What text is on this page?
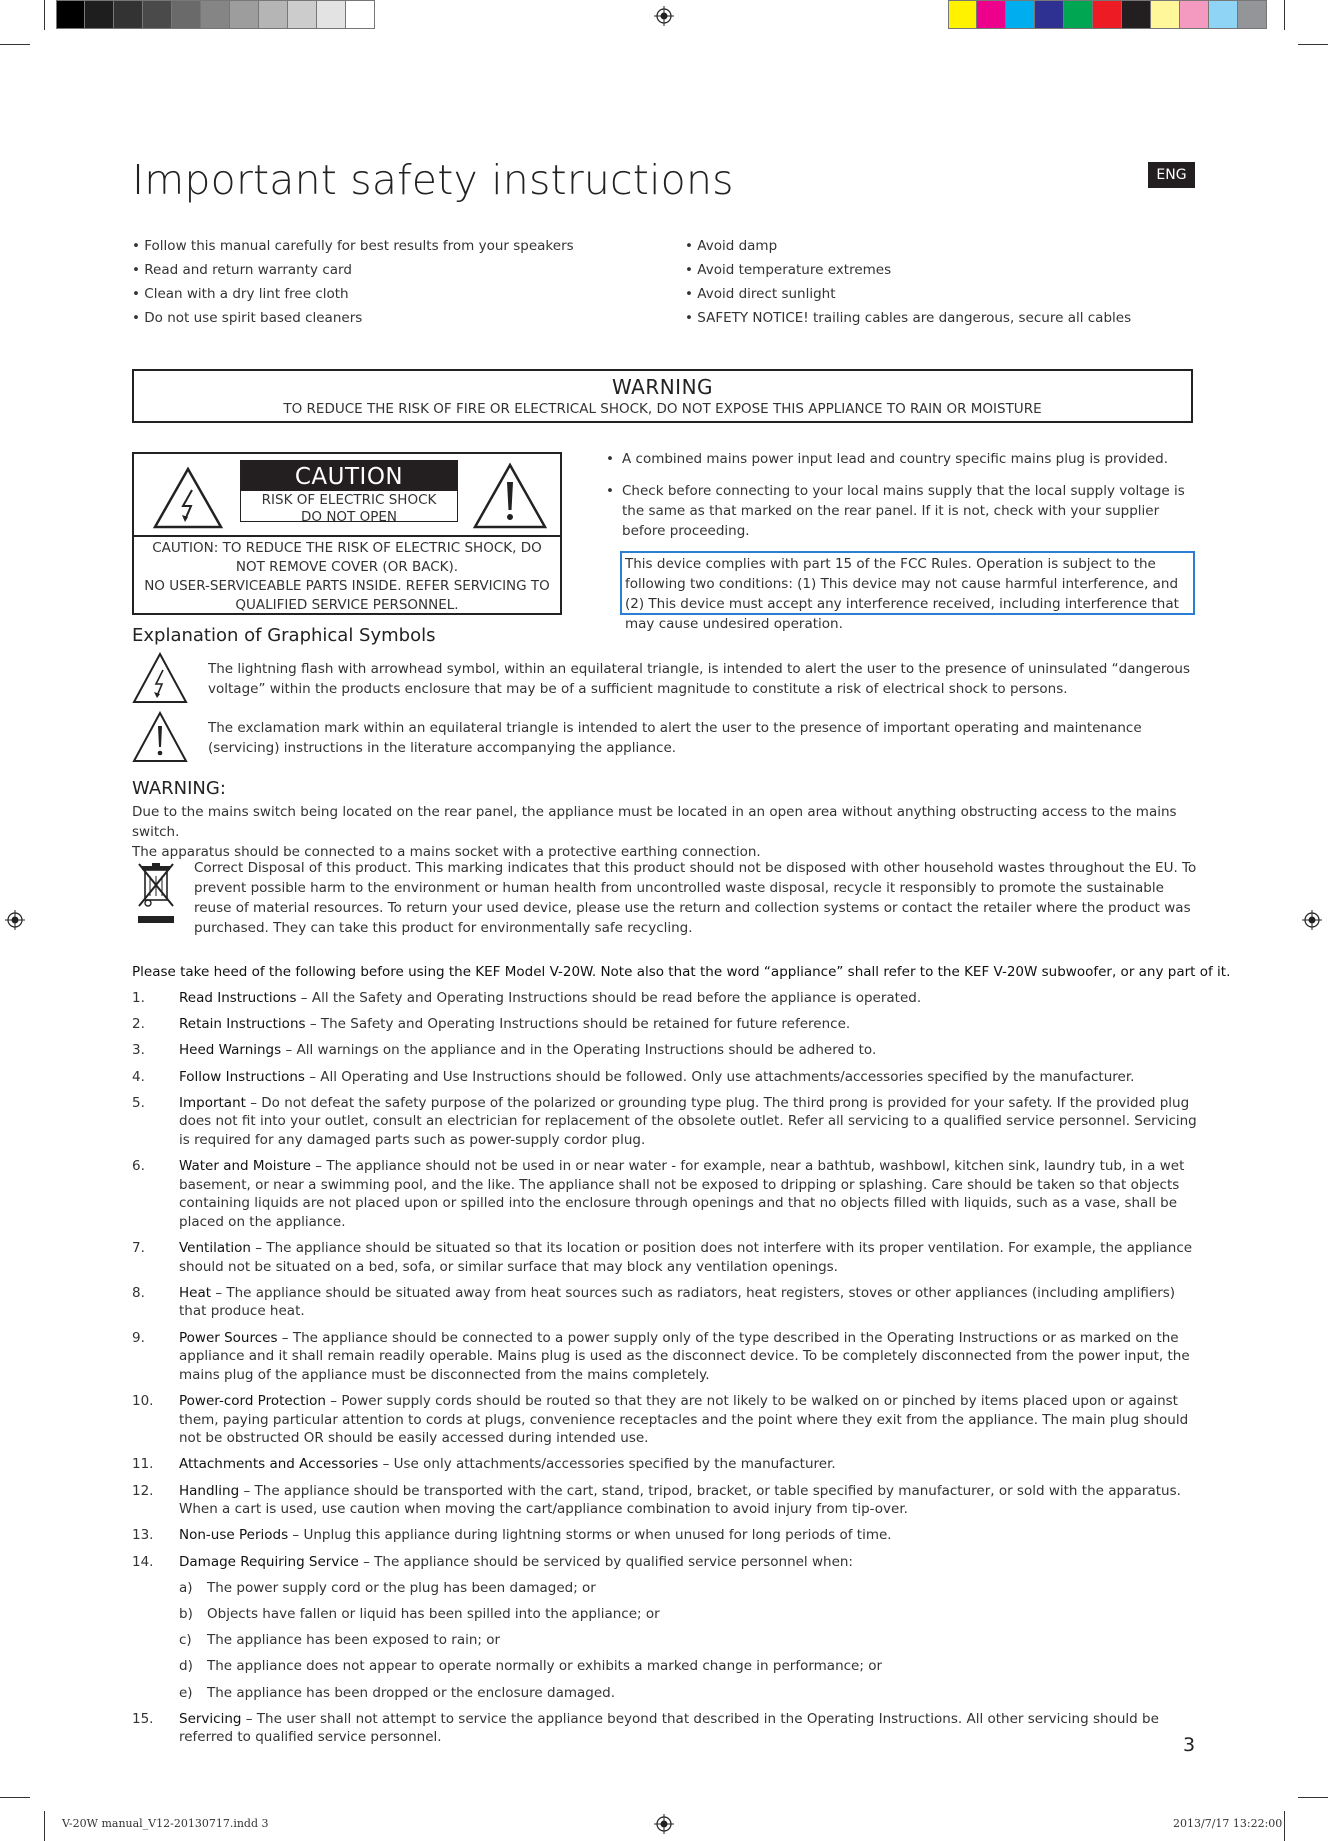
Important safety instructions	ENG
• Follow this manual carefully for best results from your speakers
• Read and return warranty card
• Clean with a dry lint free cloth
• Do not use spirit based cleaners
• Avoid damp
• Avoid temperature extremes
• Avoid direct sunlight
• SAFETY NOTICE! trailing cables are dangerous, secure all cables
WARNING
TO REDUCE THE RISK OF FIRE OR ELECTRICAL SHOCK, DO NOT EXPOSE THIS APPLIANCE TO RAIN OR MOISTURE
CAUTION
RISK OF ELECTRIC SHOCK
DO NOT OPEN
CAUTION: TO REDUCE THE RISK OF ELECTRIC SHOCK, DO NOT REMOVE COVER (OR BACK).
NO USER-SERVICEABLE PARTS INSIDE. REFER SERVICING TO QUALIFIED SERVICE PERSONNEL.
• A combined mains power input lead and country specific mains plug is provided.
• Check before connecting to your local mains supply that the local supply voltage is the same as that marked on the rear panel. If it is not, check with your supplier before proceeding.
This device complies with part 15 of the FCC Rules. Operation is subject to the following two conditions: (1) This device may not cause harmful interference, and (2) This device must accept any interference received, including interference that may cause undesired operation.
Explanation of Graphical Symbols
The lightning flash with arrowhead symbol, within an equilateral triangle, is intended to alert the user to the presence of uninsulated “dangerous voltage” within the products enclosure that may be of a sufficient magnitude to constitute a risk of electrical shock to persons.
The exclamation mark within an equilateral triangle is intended to alert the user to the presence of important operating and maintenance (servicing) instructions in the literature accompanying the appliance.
WARNING:
Due to the mains switch being located on the rear panel, the appliance must be located in an open area without anything obstructing access to the mains switch.
The apparatus should be connected to a mains socket with a protective earthing connection.
Correct Disposal of this product. This marking indicates that this product should not be disposed with other household wastes throughout the EU. To prevent possible harm to the environment or human health from uncontrolled waste disposal, recycle it responsibly to promote the sustainable reuse of material resources. To return your used device, please use the return and collection systems or contact the retailer where the product was purchased. They can take this product for environmentally safe recycling.
Please take heed of the following before using the KEF Model V-20W. Note also that the word “appliance” shall refer to the KEF V-20W subwoofer, or any part of it.
1.	Read Instructions – All the Safety and Operating Instructions should be read before the appliance is operated.
2.	Retain Instructions – The Safety and Operating Instructions should be retained for future reference.
3.	Heed Warnings – All warnings on the appliance and in the Operating Instructions should be adhered to.
4.	Follow Instructions – All Operating and Use Instructions should be followed. Only use attachments/accessories specified by the manufacturer.
5.	Important – Do not defeat the safety purpose of the polarized or grounding type plug. The third prong is provided for your safety. If the provided plug does not fit into your outlet, consult an electrician for replacement of the obsolete outlet. Refer all servicing to a qualified service personnel. Servicing is required for any damaged parts such as power-supply cordor plug.
6.	Water and Moisture – The appliance should not be used in or near water - for example, near a bathtub, washbowl, kitchen sink, laundry tub, in a wet basement, or near a swimming pool, and the like. The appliance shall not be exposed to dripping or splashing. Care should be taken so that objects containing liquids are not placed upon or spilled into the enclosure through openings and that no objects filled with liquids, such as a vase, shall be placed on the appliance.
7.	Ventilation – The appliance should be situated so that its location or position does not interfere with its proper ventilation. For example, the appliance should not be situated on a bed, sofa, or similar surface that may block any ventilation openings.
8.	Heat – The appliance should be situated away from heat sources such as radiators, heat registers, stoves or other appliances (including amplifiers) that produce heat.
9.	Power Sources – The appliance should be connected to a power supply only of the type described in the Operating Instructions or as marked on the appliance and it shall remain readily operable. Mains plug is used as the disconnect device. To be completely disconnected from the power input, the mains plug of the appliance must be disconnected from the mains completely.
10. Power-cord Protection – Power supply cords should be routed so that they are not likely to be walked on or pinched by items placed upon or against them, paying particular attention to cords at plugs, convenience receptacles and the point where they exit from the appliance. The main plug should not be obstructed OR should be easily accessed during intended use.
11. Attachments and Accessories – Use only attachments/accessories specified by the manufacturer.
12. Handling – The appliance should be transported with the cart, stand, tripod, bracket, or table specified by manufacturer, or sold with the apparatus. When a cart is used, use caution when moving the cart/appliance combination to avoid injury from tip-over.
13. Non-use Periods – Unplug this appliance during lightning storms or when unused for long periods of time.
14. Damage Requiring Service – The appliance should be serviced by qualified service personnel when:
a) The power supply cord or the plug has been damaged; or
b) Objects have fallen or liquid has been spilled into the appliance; or
c) The appliance has been exposed to rain; or
d) The appliance does not appear to operate normally or exhibits a marked change in performance; or
e) The appliance has been dropped or the enclosure damaged.
15. Servicing – The user shall not attempt to service the appliance beyond that described in the Operating Instructions. All other servicing should be referred to qualified service personnel.	3
V-20W manual_V12-20130717.indd 3	2013/7/17 13:22:00
